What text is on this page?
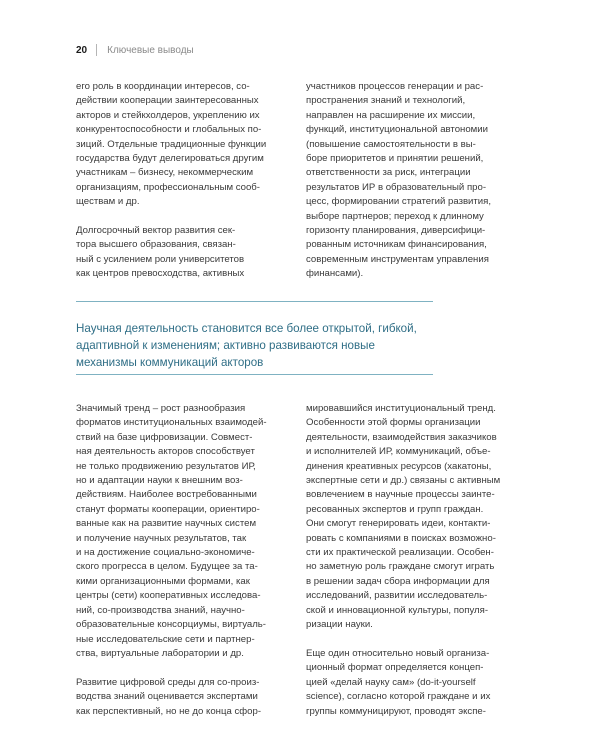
20 Ключевые выводы
его роль в координации интересов, со-
действии кооперации заинтересованных
акторов и стейкхолдеров, укреплению их
конкурентоспособности и глобальных по-
зиций. Отдельные традиционные функции
государства будут делегироваться другим
участникам – бизнесу, некоммерческим
организациям, профессиональным сооб-
ществам и др.
Долгосрочный вектор развития сек-
тора высшего образования, связан-
ный с усилением роли университетов
как центров превосходства, активных
участников процессов генерации и рас-
пространения знаний и технологий,
направлен на расширение их миссии,
функций, институциональной автономии
(повышение самостоятельности в вы-
боре приоритетов и принятии решений,
ответственности за риск, интеграции
результатов ИР в образовательный про-
цесс, формировании стратегий развития,
выборе партнеров; переход к длинному
горизонту планирования, диверсифици-
рованным источникам финансирования,
современным инструментам управления
финансами).
Научная деятельность становится все более открытой, гибкой,
адаптивной к изменениям; активно развиваются новые
механизмы коммуникаций акторов
Значимый тренд – рост разнообразия
форматов институциональных взаимодей-
ствий на базе цифровизации. Совмест-
ная деятельность акторов способствует
не только продвижению результатов ИР,
но и адаптации науки к внешним воз-
действиям. Наиболее востребованными
станут форматы кооперации, ориентиро-
ванные как на развитие научных систем
и получение научных результатов, так
и на достижение социально-экономиче-
ского прогресса в целом. Будущее за та-
кими организационными формами, как
центры (сети) кооперативных исследова-
ний, со-производства знаний, научно-
образовательные консорциумы, виртуаль-
ные исследовательские сети и партнер-
ства, виртуальные лаборатории и др.
Развитие цифровой среды для со-произ-
водства знаний оценивается экспертами
как перспективный, но не до конца сфор-
мировавшийся институциональный тренд.
Особенности этой формы организации
деятельности, взаимодействия заказчиков
и исполнителей ИР, коммуникаций, объе-
динения креативных ресурсов (хакатоны,
экспертные сети и др.) связаны с активным
вовлечением в научные процессы заинте-
ресованных экспертов и групп граждан.
Они смогут генерировать идеи, контакти-
ровать с компаниями в поисках возможно-
сти их практической реализации. Особен-
но заметную роль граждане смогут играть
в решении задач сбора информации для
исследований, развитии исследователь-
ской и инновационной культуры, популя-
ризации науки.
Еще один относительно новый организа-
ционный формат определяется концеп-
цией «делай науку сам» (do-it-yourself
science), согласно которой граждане и их
группы коммуницируют, проводят экспе-
